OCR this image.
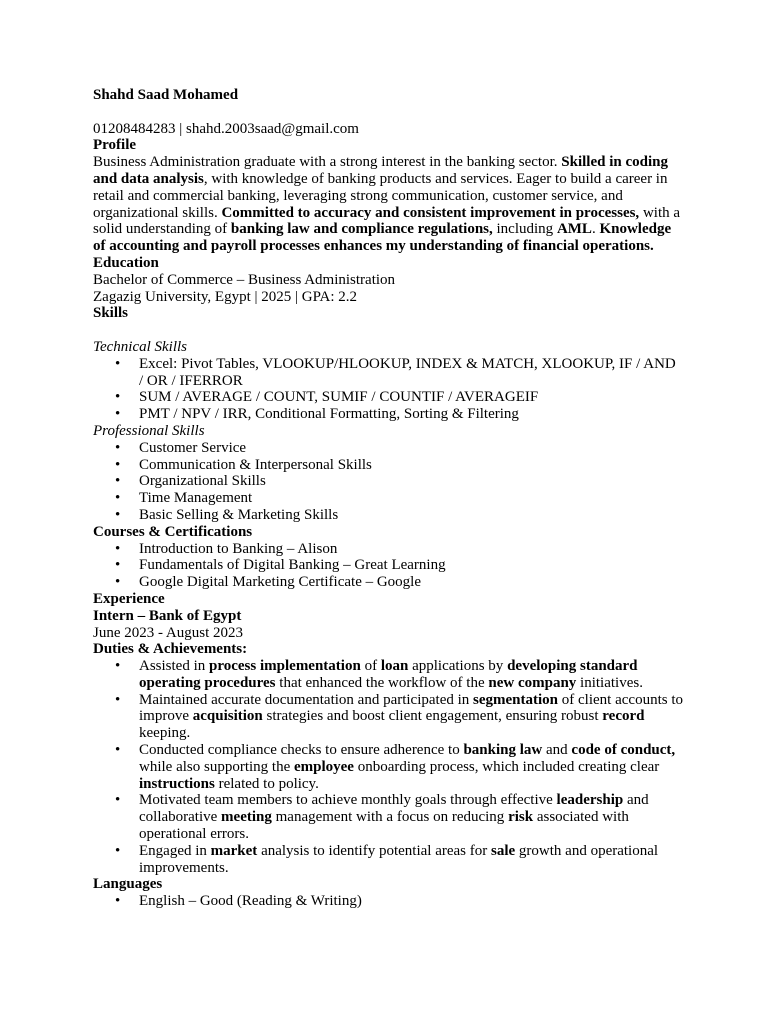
Shahd Saad Mohamed

01208484283 | shahd.2003saad@gmail.com

Profile

Business Administration graduate with a strong interest in the banking sector. Skilled in coding and data analysis, with knowledge of banking products and services. Eager to build a career in retail and commercial banking, leveraging strong communication, customer service, and organizational skills. Committed to accuracy and consistent improvement in processes, with a solid understanding of banking law and compliance regulations, including AML. Knowledge of accounting and payroll processes enhances my understanding of financial operations.

Education

Bachelor of Commerce – Business Administration

Zagazig University, Egypt | 2025 | GPA: 2.2

Skills

Technical Skills

• Excel: Pivot Tables, VLOOKUP/HLOOKUP, INDEX & MATCH, XLOOKUP, IF / AND / OR / IFERROR
• SUM / AVERAGE / COUNT, SUMIF / COUNTIF / AVERAGEIF
• PMT / NPV / IRR, Conditional Formatting, Sorting & Filtering

Professional Skills

• Customer Service
• Communication & Interpersonal Skills
• Organizational Skills
• Time Management
• Basic Selling & Marketing Skills
Courses & Certifications
• Introduction to Banking – Alison
• Fundamentals of Digital Banking – Great Learning
• Google Digital Marketing Certificate – Google
Experience
Intern – Bank of Egypt

June 2023 - August 2023

Duties & Achievements:
• Assisted in process implementation of loan applications by developing standard operating procedures that enhanced the workflow of the new company initiatives.
• Maintained accurate documentation and participated in segmentation of client accounts to improve acquisition strategies and boost client engagement, ensuring robust record keeping.
• Conducted compliance checks to ensure adherence to banking law and code of conduct, while also supporting the employee onboarding process, which included creating clear instructions related to policy.
• Motivated team members to achieve monthly goals through effective leadership and collaborative meeting management with a focus on reducing risk associated with operational errors.
• Engaged in market analysis to identify potential areas for sale growth and operational improvements.
Languages
• English – Good (Reading & Writing)
